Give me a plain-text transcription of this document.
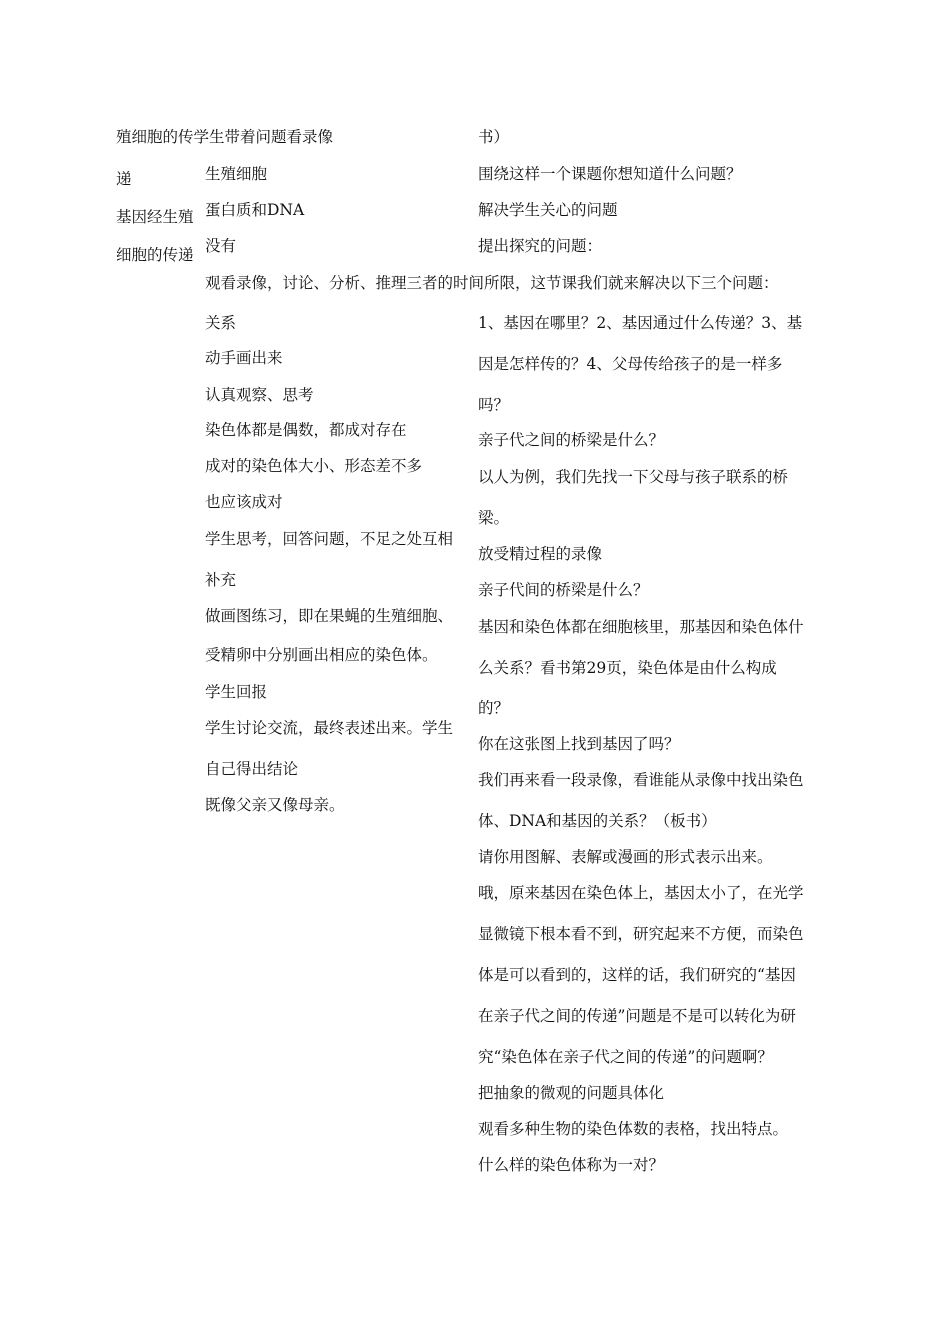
殖细胞的传学生带着问题看录像
递
基因经生殖
细胞的传递
生殖细胞
蛋白质和DNA
没有
观看录像，讨论、分析、推理三者的时间所限，这节课我们就来解决以下三个问题：
关系
动手画出来
认真观察、思考
染色体都是偶数，都成对存在
成对的染色体大小、形态差不多
也应该成对
学生思考，回答问题，不足之处互相
补充
做画图练习，即在果蝇的生殖细胞、
受精卵中分别画出相应的染色体。
学生回报
学生讨论交流，最终表述出来。学生
自己得出结论
既像父亲又像母亲。
书）
围绕这样一个课题你想知道什么问题？
解决学生关心的问题
提出探究的问题：
1、基因在哪里？2、基因通过什么传递？3、基
因是怎样传的？4、父母传给孩子的是一样多
吗？
亲子代之间的桥梁是什么？
以人为例，我们先找一下父母与孩子联系的桥
梁。
放受精过程的录像
亲子代间的桥梁是什么？
基因和染色体都在细胞核里，那基因和染色体什
么关系？看书第29页，染色体是由什么构成
的？
你在这张图上找到基因了吗？
我们再来看一段录像，看谁能从录像中找出染色
体、DNA和基因的关系？（板书）
请你用图解、表解或漫画的形式表示出来。
哦，原来基因在染色体上，基因太小了，在光学
显微镜下根本看不到，研究起来不方便，而染色
体是可以看到的，这样的话，我们研究的“基因
在亲子代之间的传递”问题是不是可以转化为研
究“染色体在亲子代之间的传递”的问题啊？
把抽象的微观的问题具体化
观看多种生物的染色体数的表格，找出特点。
什么样的染色体称为一对？
